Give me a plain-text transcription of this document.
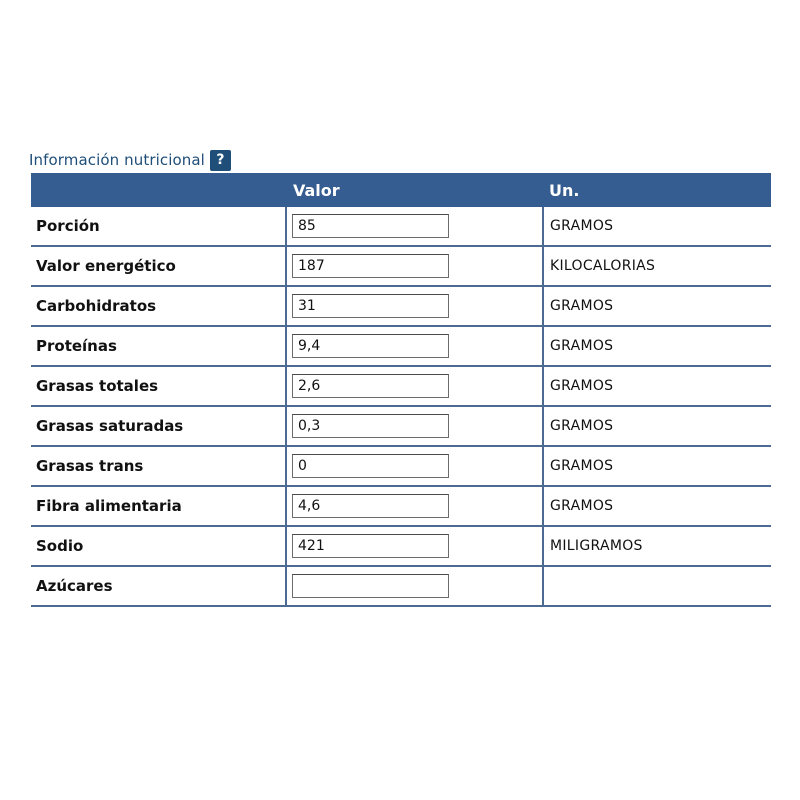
Información nutricional ?
	Valor	Un.
Porción	85	GRAMOS
Valor energético	187	KILOCALORIAS
Carbohidratos	31	GRAMOS
Proteínas	9,4	GRAMOS
Grasas totales	2,6	GRAMOS
Grasas saturadas	0,3	GRAMOS
Grasas trans	0	GRAMOS
Fibra alimentaria	4,6	GRAMOS
Sodio	421	MILIGRAMOS
Azúcares		
